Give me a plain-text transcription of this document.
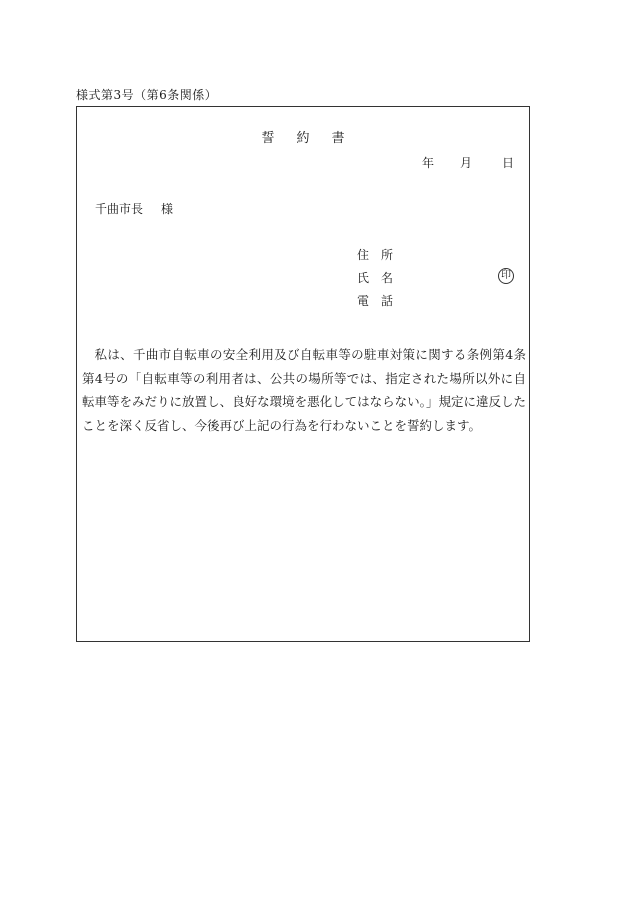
様式第3号（第6条関係）
誓約書
年 月 日
千曲市長 様
住所
氏名	印
電話

私は、千曲市自転車の安全利用及び自転車等の駐車対策に関する条例第4条第4号の「自転車等の利用者は、公共の場所等では、指定された場所以外に自転車等をみだりに放置し、良好な環境を悪化してはならない。」規定に違反したことを深く反省し、今後再び上記の行為を行わないことを誓約します。
